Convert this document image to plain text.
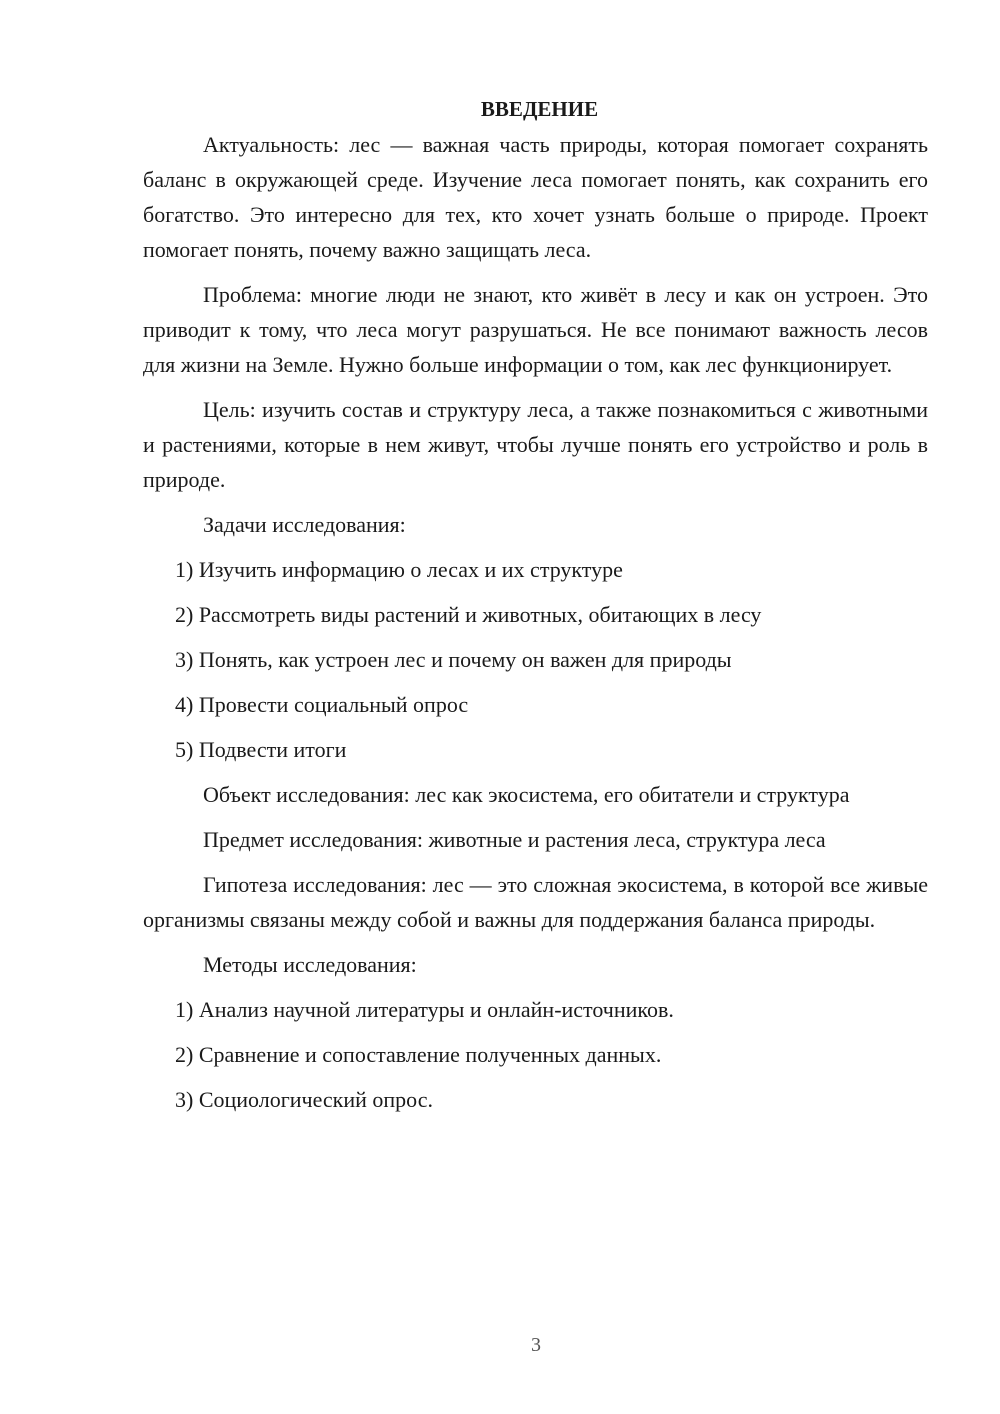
ВВЕДЕНИЕ
Актуальность: лес — важная часть природы, которая помогает сохранять баланс в окружающей среде. Изучение леса помогает понять, как сохранить его богатство. Это интересно для тех, кто хочет узнать больше о природе. Проект помогает понять, почему важно защищать леса.
Проблема: многие люди не знают, кто живёт в лесу и как он устроен. Это приводит к тому, что леса могут разрушаться. Не все понимают важность лесов для жизни на Земле. Нужно больше информации о том, как лес функционирует.
Цель: изучить состав и структуру леса, а также познакомиться с животными и растениями, которые в нем живут, чтобы лучше понять его устройство и роль в природе.
Задачи исследования:
1) Изучить информацию о лесах и их структуре
2) Рассмотреть виды растений и животных, обитающих в лесу
3) Понять, как устроен лес и почему он важен для природы
4) Провести социальный опрос
5) Подвести итоги
Объект исследования: лес как экосистема, его обитатели и структура
Предмет исследования: животные и растения леса, структура леса
Гипотеза исследования: лес — это сложная экосистема, в которой все живые организмы связаны между собой и важны для поддержания баланса природы.
Методы исследования:
1) Анализ научной литературы и онлайн-источников.
2) Сравнение и сопоставление полученных данных.
3) Социологический опрос.
3
